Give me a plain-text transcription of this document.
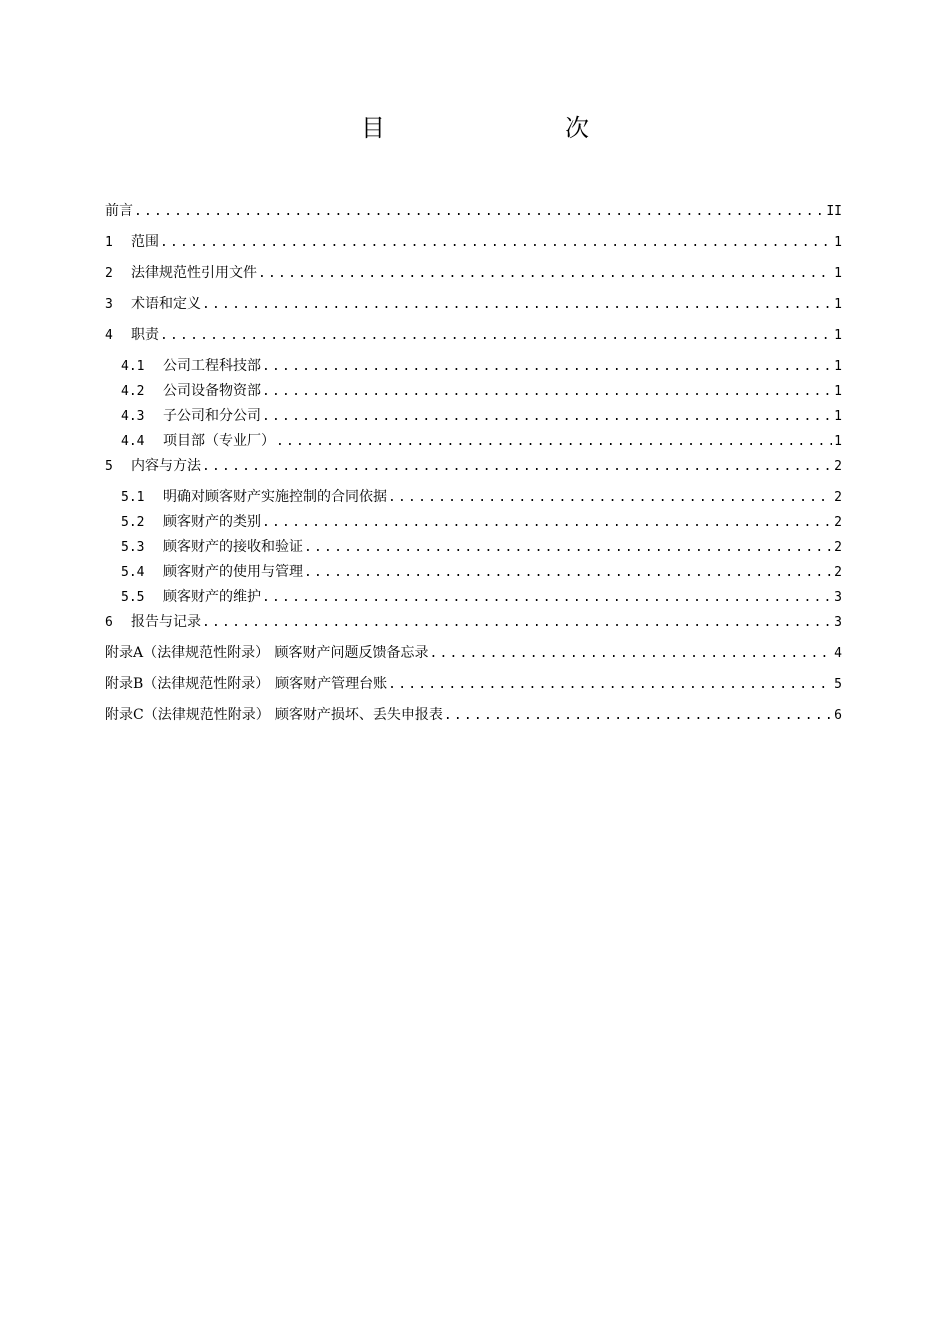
目　　次
前言 .....	II
1	范围 .....	1
2	法律规范性引用文件 .....	1
3	术语和定义 .....	1
4	职责 .....	1
4.1	公司工程科技部 .....	1
4.2	公司设备物资部 .....	1
4.3	子公司和分公司 .....	1
4.4	项目部（专业厂） .....	1
5	内容与方法 .....	2
5.1	明确对顾客财产实施控制的合同依据 .....	2
5.2	顾客财产的类别 .....	2
5.3	顾客财产的接收和验证 .....	2
5.4	顾客财产的使用与管理 .....	2
5.5	顾客财产的维护 .....	3
6	报告与记录 .....	3
附录A（法律规范性附录） 顾客财产问题反馈备忘录 .....	4
附录B（法律规范性附录） 顾客财产管理台账 .....	5
附录C（法律规范性附录） 顾客财产损坏、丢失申报表 .....	6
